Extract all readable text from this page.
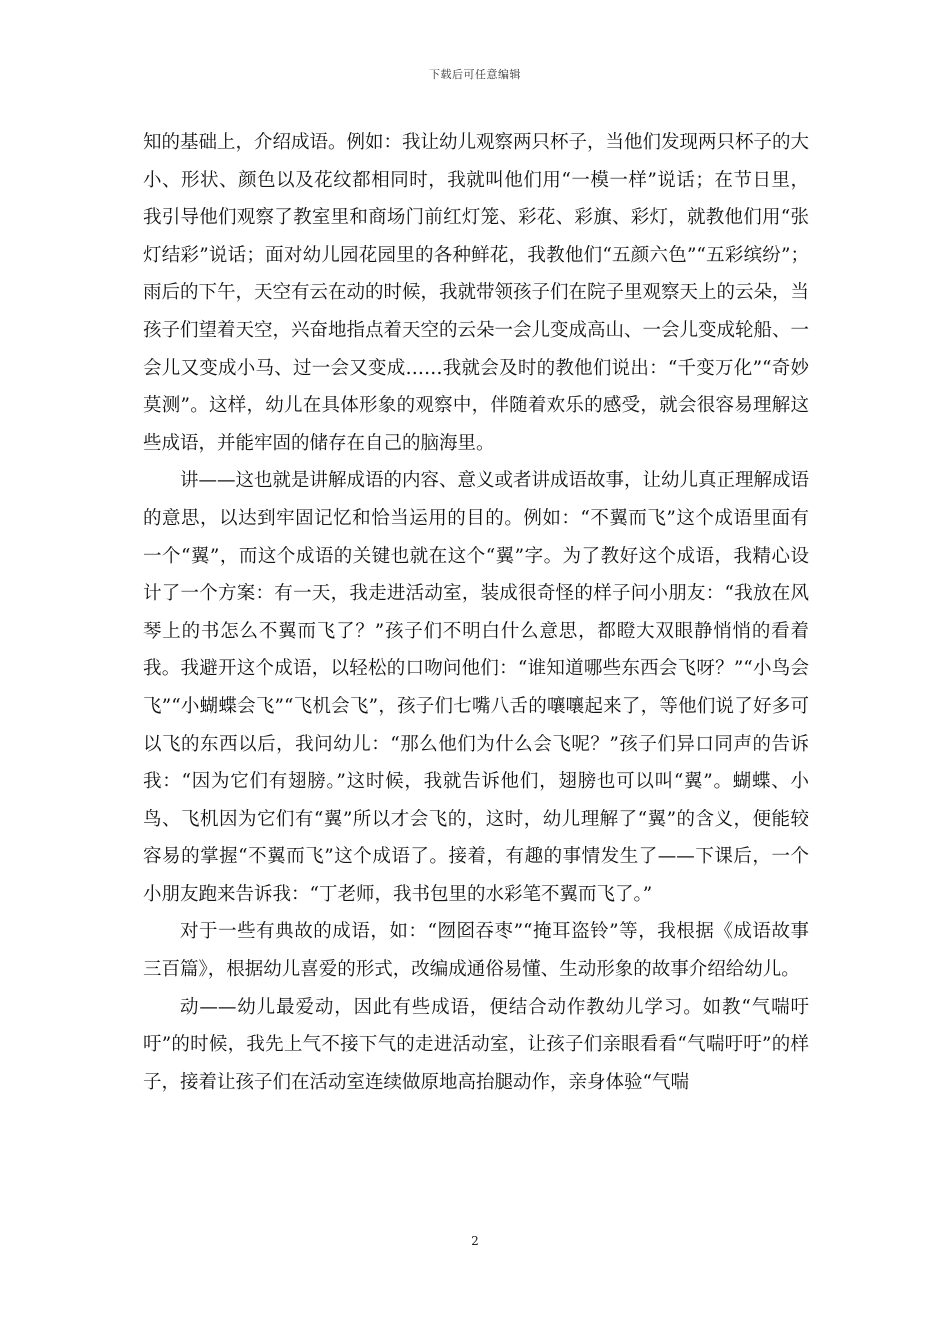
下载后可任意编辑

知的基础上，介绍成语。例如：我让幼儿观察两只杯子，当他们发现两只杯子的大小、形状、颜色以及花纹都相同时，我就叫他们用“一模一样”说话；在节日里，我引导他们观察了教室里和商场门前红灯笼、彩花、彩旗、彩灯，就教他们用“张灯结彩”说话；面对幼儿园花园里的各种鲜花，我教他们“五颜六色”“五彩缤纷”；雨后的下午，天空有云在动的时候，我就带领孩子们在院子里观察天上的云朵，当孩子们望着天空，兴奋地指点着天空的云朵一会儿变成高山、一会儿变成轮船、一会儿又变成小马、过一会又变成……我就会及时的教他们说出：“千变万化”“奇妙莫测”。这样，幼儿在具体形象的观察中，伴随着欢乐的感受，就会很容易理解这些成语，并能牢固的储存在自己的脑海里。

讲——这也就是讲解成语的内容、意义或者讲成语故事，让幼儿真正理解成语的意思，以达到牢固记忆和恰当运用的目的。例如：“不翼而飞”这个成语里面有一个“翼”，而这个成语的关键也就在这个“翼”字。为了教好这个成语，我精心设计了一个方案：有一天，我走进活动室，装成很奇怪的样子问小朋友：“我放在风琴上的书怎么不翼而飞了？”孩子们不明白什么意思，都瞪大双眼静悄悄的看着我。我避开这个成语，以轻松的口吻问他们：“谁知道哪些东西会飞呀？”“小鸟会飞”“小蝴蝶会飞”“飞机会飞”，孩子们七嘴八舌的嚷嚷起来了，等他们说了好多可以飞的东西以后，我问幼儿：“那么他们为什么会飞呢？”孩子们异口同声的告诉我：“因为它们有翅膀。”这时候，我就告诉他们，翅膀也可以叫“翼”。蝴蝶、小鸟、飞机因为它们有“翼”所以才会飞的，这时，幼儿理解了“翼”的含义，便能较容易的掌握“不翼而飞”这个成语了。接着，有趣的事情发生了——下课后，一个小朋友跑来告诉我：“丁老师，我书包里的水彩笔不翼而飞了。”

对于一些有典故的成语，如：“囫囵吞枣”“掩耳盗铃”等，我根据《成语故事三百篇》，根据幼儿喜爱的形式，改编成通俗易懂、生动形象的故事介绍给幼儿。

动——幼儿最爱动，因此有些成语，便结合动作教幼儿学习。如教“气喘吁吁”的时候，我先上气不接下气的走进活动室，让孩子们亲眼看看“气喘吁吁”的样子，接着让孩子们在活动室连续做原地高抬腿动作，亲身体验“气喘

2
